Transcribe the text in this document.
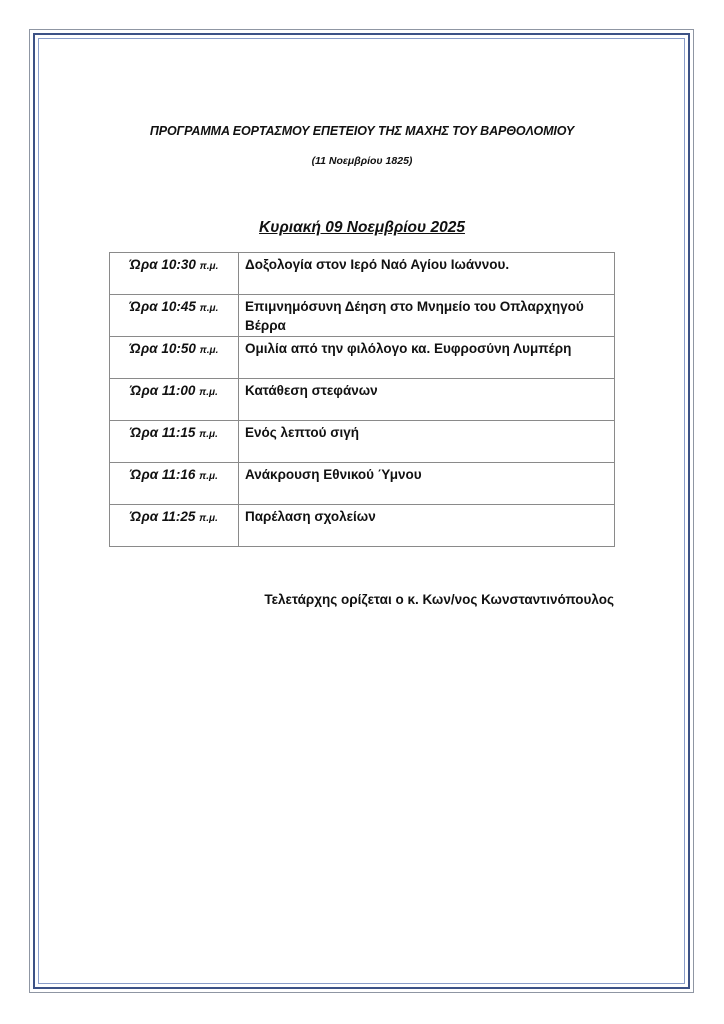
ΠΡΟΓΡΑΜΜΑ ΕΟΡΤΑΣΜΟΥ ΕΠΕΤΕΙΟΥ ΤΗΣ ΜΑΧΗΣ ΤΟΥ ΒΑΡΘΟΛΟΜΙΟΥ
(11 Νοεμβρίου 1825)
Κυριακή 09 Νοεμβρίου 2025
Ώρα 10:30 π.μ.	Δοξολογία στον Ιερό Ναό Αγίου Ιωάννου.
Ώρα 10:45 π.μ.	Επιμνημόσυνη Δέηση στο Μνημείο του Οπλαρχηγού Βέρρα
Ώρα 10:50 π.μ.	Ομιλία από την φιλόλογο κα. Ευφροσύνη Λυμπέρη
Ώρα 11:00 π.μ.	Κατάθεση στεφάνων
Ώρα 11:15 π.μ.	Ενός λεπτού σιγή
Ώρα 11:16 π.μ.	Ανάκρουση Εθνικού Ύμνου
Ώρα 11:25 π.μ.	Παρέλαση σχολείων
Τελετάρχης ορίζεται ο κ. Κων/νος Κωνσταντινόπουλος
